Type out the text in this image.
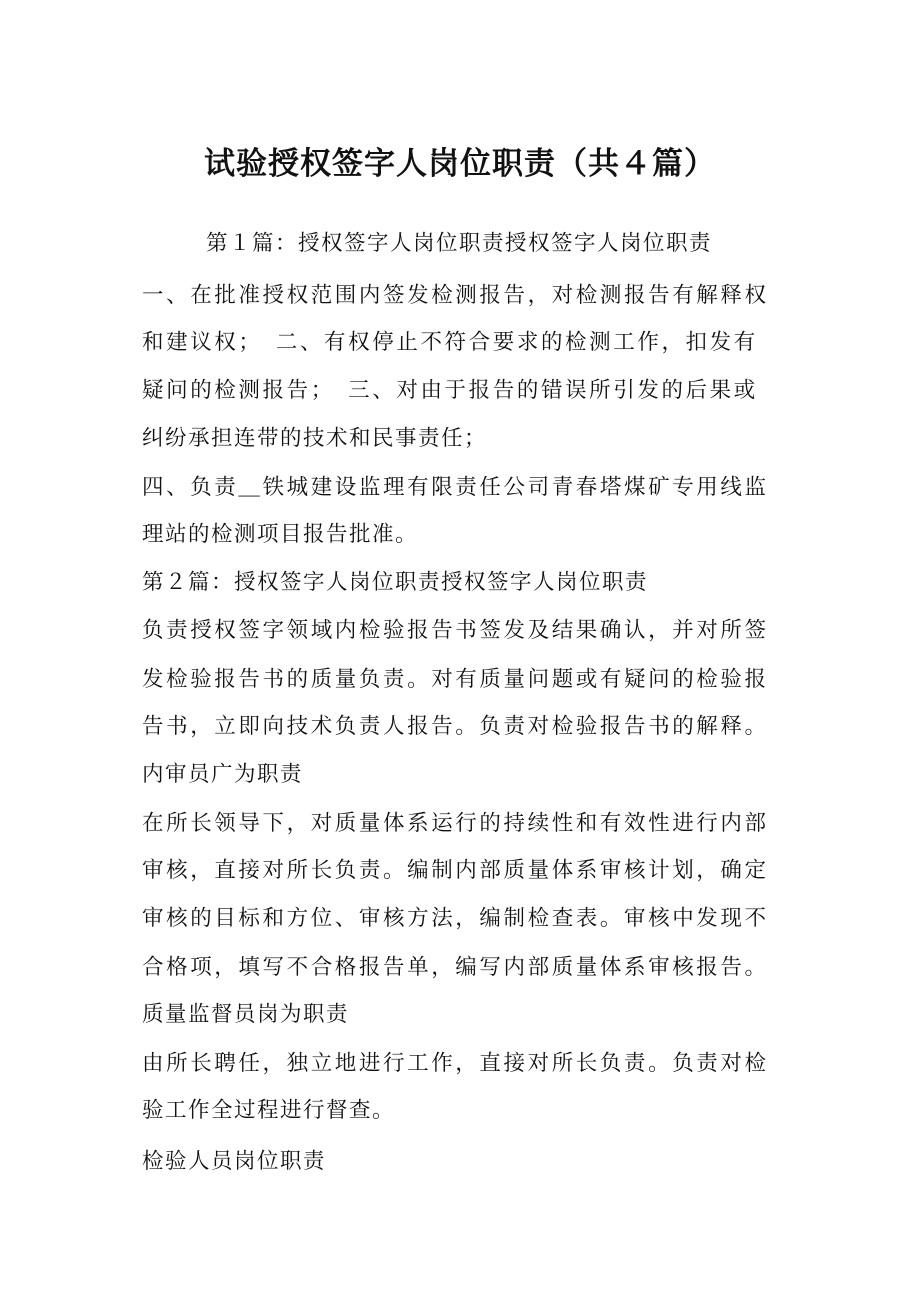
试验授权签字人岗位职责（共４篇）
第１篇：授权签字人岗位职责授权签字人岗位职责
一、在批准授权范围内签发检测报告，对检测报告有解释权
和建议权；　二、有权停止不符合要求的检测工作，扣发有
疑问的检测报告；　三、对由于报告的错误所引发的后果或
纠纷承担连带的技术和民事责任；
四、负责＿铁城建设监理有限责任公司青春塔煤矿专用线监
理站的检测项目报告批准。
第２篇：授权签字人岗位职责授权签字人岗位职责
负责授权签字领域内检验报告书签发及结果确认，并对所签
发检验报告书的质量负责。对有质量问题或有疑问的检验报
告书，立即向技术负责人报告。负责对检验报告书的解释。
内审员广为职责
在所长领导下，对质量体系运行的持续性和有效性进行内部
审核，直接对所长负责。编制内部质量体系审核计划，确定
审核的目标和方位、审核方法，编制检查表。审核中发现不
合格项，填写不合格报告单，编写内部质量体系审核报告。
质量监督员岗为职责
由所长聘任，独立地进行工作，直接对所长负责。负责对检
验工作全过程进行督查。
检验人员岗位职责
